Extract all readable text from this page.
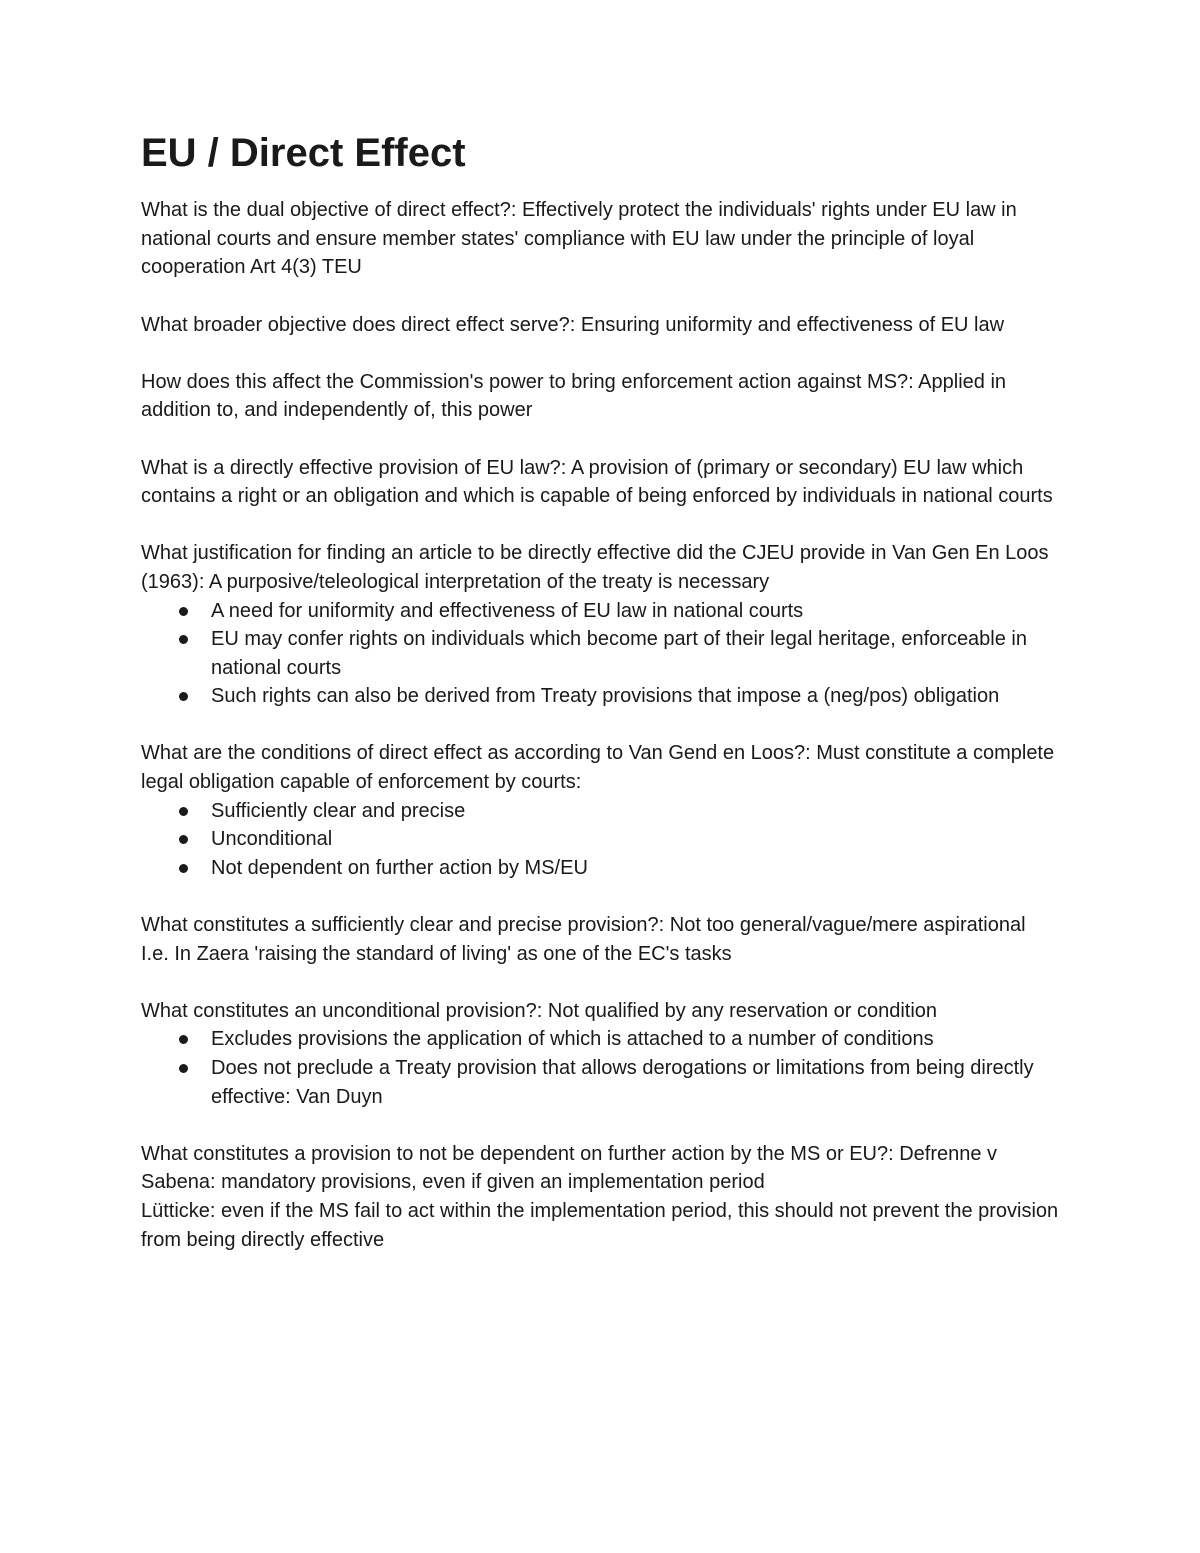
EU / Direct Effect

What is the dual objective of direct effect?: Effectively protect the individuals' rights under EU law in national courts and ensure member states' compliance with EU law under the principle of loyal cooperation Art 4(3) TEU

What broader objective does direct effect serve?: Ensuring uniformity and effectiveness of EU law

How does this affect the Commission's power to bring enforcement action against MS?: Applied in addition to, and independently of, this power

What is a directly effective provision of EU law?: A provision of (primary or secondary) EU law which contains a right or an obligation and which is capable of being enforced by individuals in national courts

What justification for finding an article to be directly effective did the CJEU provide in Van Gen En Loos (1963): A purposive/teleological interpretation of the treaty is necessary

A need for uniformity and effectiveness of EU law in national courts
EU may confer rights on individuals which become part of their legal heritage, enforceable in national courts
Such rights can also be derived from Treaty provisions that impose a (neg/pos) obligation

What are the conditions of direct effect as according to Van Gend en Loos?: Must constitute a complete legal obligation capable of enforcement by courts:

Sufficiently clear and precise
Unconditional
Not dependent on further action by MS/EU

What constitutes a sufficiently clear and precise provision?: Not too general/vague/mere aspirational

I.e. In Zaera 'raising the standard of living' as one of the EC's tasks

What constitutes an unconditional provision?: Not qualified by any reservation or condition

Excludes provisions the application of which is attached to a number of conditions
Does not preclude a Treaty provision that allows derogations or limitations from being directly effective: Van Duyn

What constitutes a provision to not be dependent on further action by the MS or EU?: Defrenne v Sabena: mandatory provisions, even if given an implementation period

Lütticke: even if the MS fail to act within the implementation period, this should not prevent the provision from being directly effective
